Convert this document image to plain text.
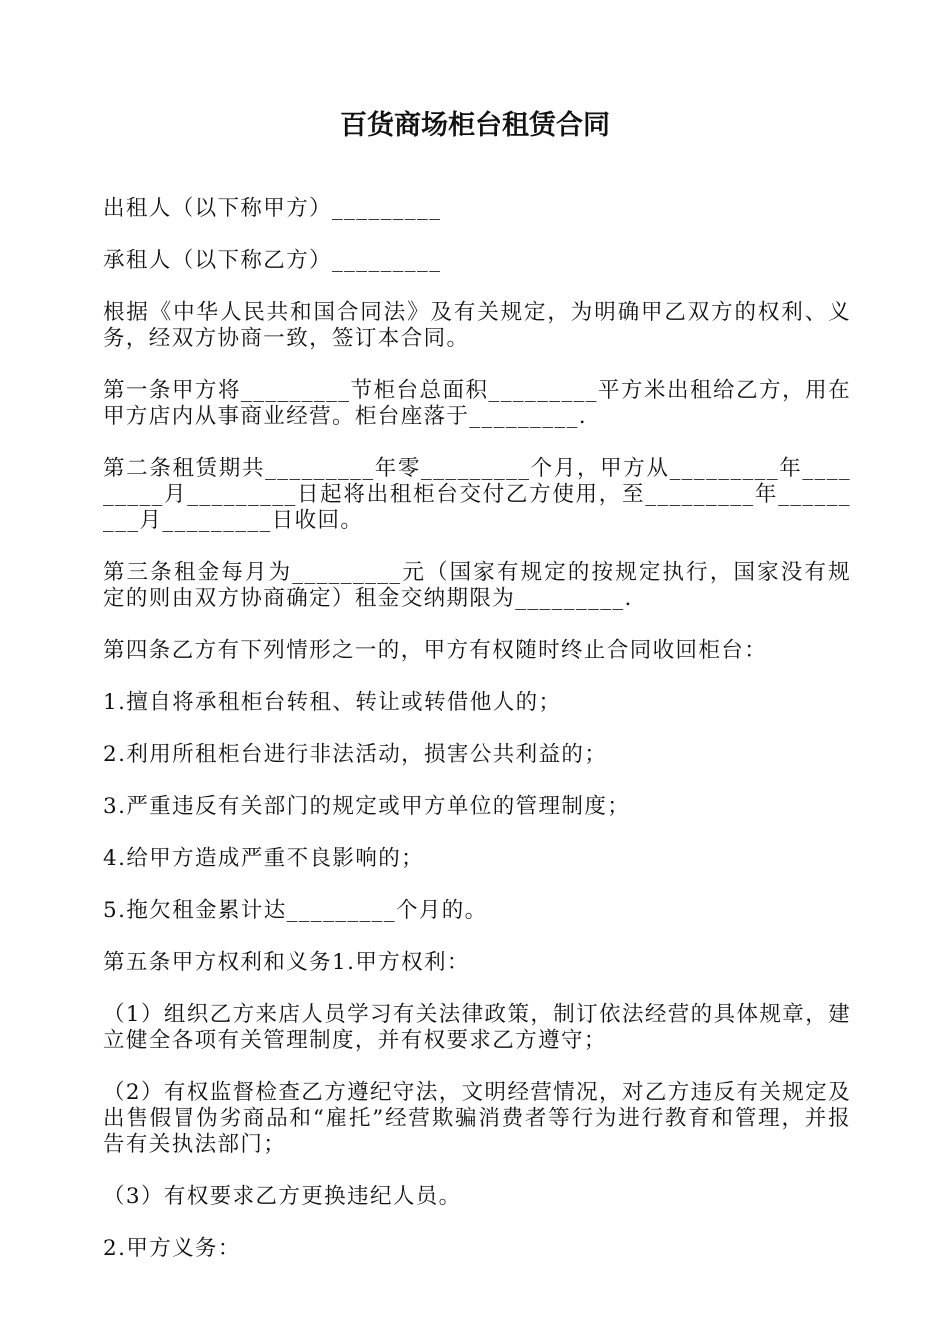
百货商场柜台租赁合同

出租人（以下称甲方）_________

承租人（以下称乙方）_________

根据《中华人民共和国合同法》及有关规定，为明确甲乙双方的权利、义务，经双方协商一致，签订本合同。

第一条甲方将_________节柜台总面积_________平方米出租给乙方，用在甲方店内从事商业经营。柜台座落于_________.

第二条租赁期共_________年零_________个月，甲方从_________年_________月_________日起将出租柜台交付乙方使用，至_________年_________月_________日收回。

第三条租金每月为_________元（国家有规定的按规定执行，国家没有规定的则由双方协商确定）租金交纳期限为_________.

第四条乙方有下列情形之一的，甲方有权随时终止合同收回柜台：

1.擅自将承租柜台转租、转让或转借他人的；

2.利用所租柜台进行非法活动，损害公共利益的；

3.严重违反有关部门的规定或甲方单位的管理制度；

4.给甲方造成严重不良影响的；

5.拖欠租金累计达_________个月的。

第五条甲方权利和义务1.甲方权利：

（1）组织乙方来店人员学习有关法律政策，制订依法经营的具体规章，建立健全各项有关管理制度，并有权要求乙方遵守；

（2）有权监督检查乙方遵纪守法，文明经营情况，对乙方违反有关规定及出售假冒伪劣商品和“雇托”经营欺骗消费者等行为进行教育和管理，并报告有关执法部门；

（3）有权要求乙方更换违纪人员。

2.甲方义务：
